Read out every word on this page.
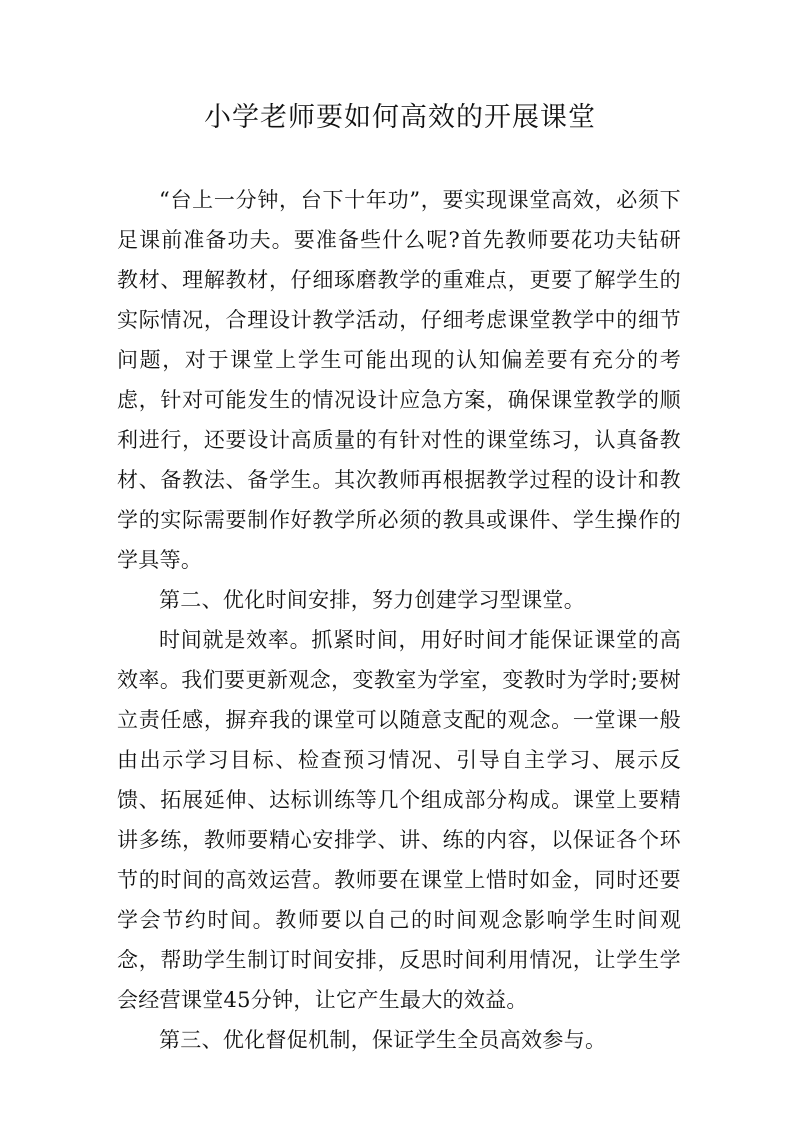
小学老师要如何高效的开展课堂

“台上一分钟，台下十年功”，要实现课堂高效，必须下足课前准备功夫。要准备些什么呢?首先教师要花功夫钻研教材、理解教材，仔细琢磨教学的重难点，更要了解学生的实际情况，合理设计教学活动，仔细考虑课堂教学中的细节问题，对于课堂上学生可能出现的认知偏差要有充分的考虑，针对可能发生的情况设计应急方案，确保课堂教学的顺利进行，还要设计高质量的有针对性的课堂练习，认真备教材、备教法、备学生。其次教师再根据教学过程的设计和教学的实际需要制作好教学所必须的教具或课件、学生操作的学具等。

第二、优化时间安排，努力创建学习型课堂。

时间就是效率。抓紧时间，用好时间才能保证课堂的高效率。我们要更新观念，变教室为学室，变教时为学时;要树立责任感，摒弃我的课堂可以随意支配的观念。一堂课一般由出示学习目标、检查预习情况、引导自主学习、展示反馈、拓展延伸、达标训练等几个组成部分构成。课堂上要精讲多练，教师要精心安排学、讲、练的内容，以保证各个环节的时间的高效运营。教师要在课堂上惜时如金，同时还要学会节约时间。教师要以自己的时间观念影响学生时间观念，帮助学生制订时间安排，反思时间利用情况，让学生学会经营课堂45分钟，让它产生最大的效益。

第三、优化督促机制，保证学生全员高效参与。
